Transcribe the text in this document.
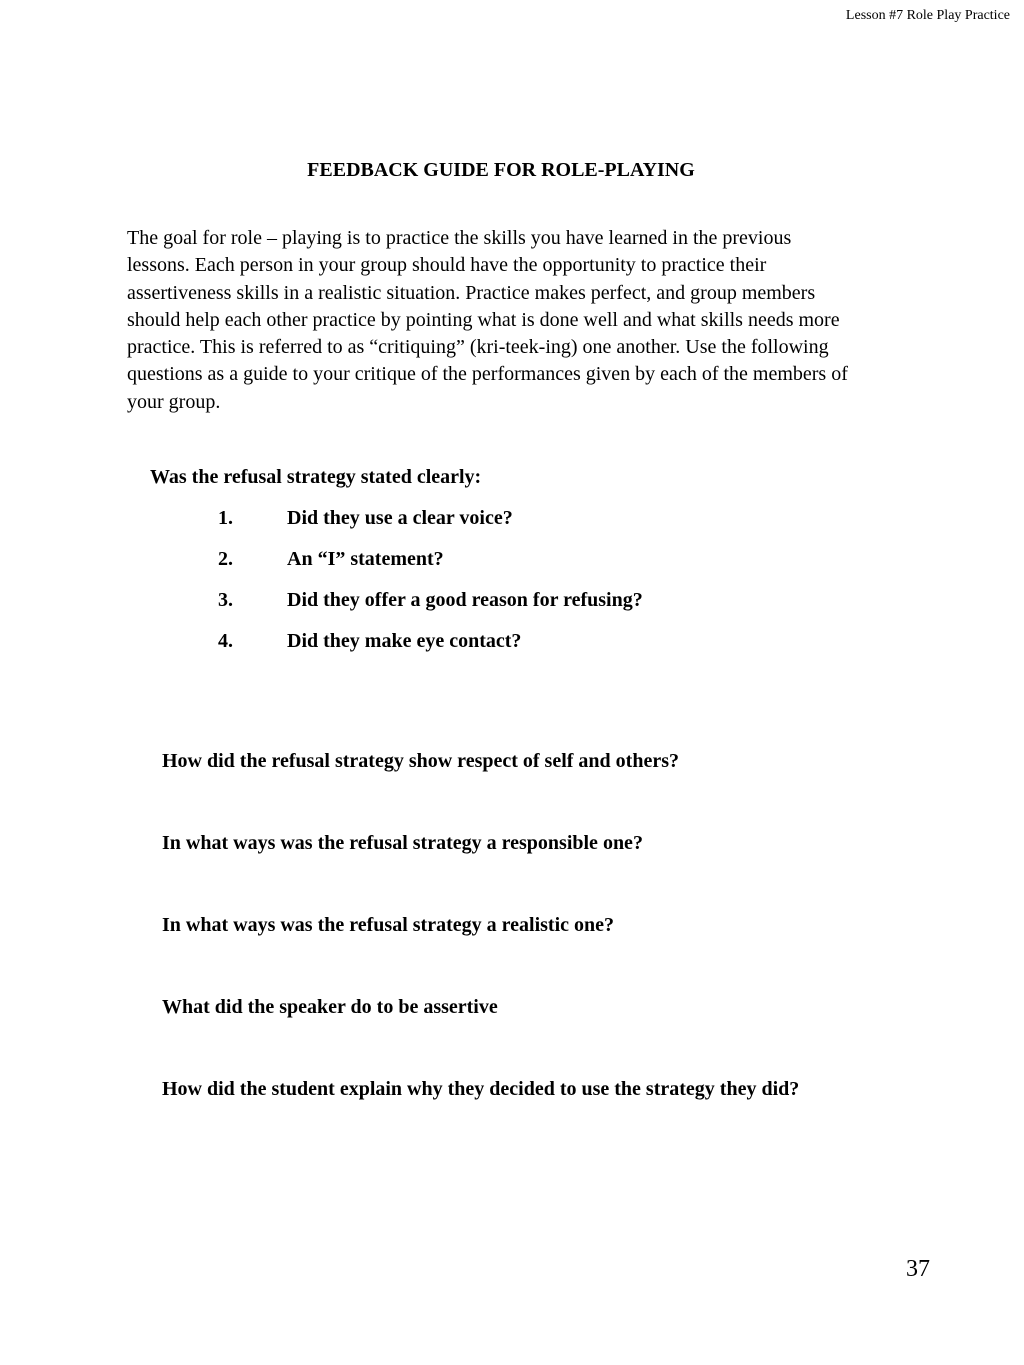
Lesson #7 Role Play Practice
FEEDBACK GUIDE FOR ROLE-PLAYING

The goal for role – playing is to practice the skills you have learned in the previous
lessons. Each person in your group should have the opportunity to practice their
assertiveness skills in a realistic situation. Practice makes perfect, and group members
should help each other practice by pointing what is done well and what skills needs more
practice. This is referred to as “critiquing” (kri-teek-ing) one another. Use the following
questions as a guide to your critique of the performances given by each of the members of
your group.

Was the refusal strategy stated clearly:
1.	Did they use a clear voice?
2.	An “I” statement?
3.	Did they offer a good reason for refusing?
4.	Did they make eye contact?
How did the refusal strategy show respect of self and others?
In what ways was the refusal strategy a responsible one?
In what ways was the refusal strategy a realistic one?
What did the speaker do to be assertive
How did the student explain why they decided to use the strategy they did?
37
